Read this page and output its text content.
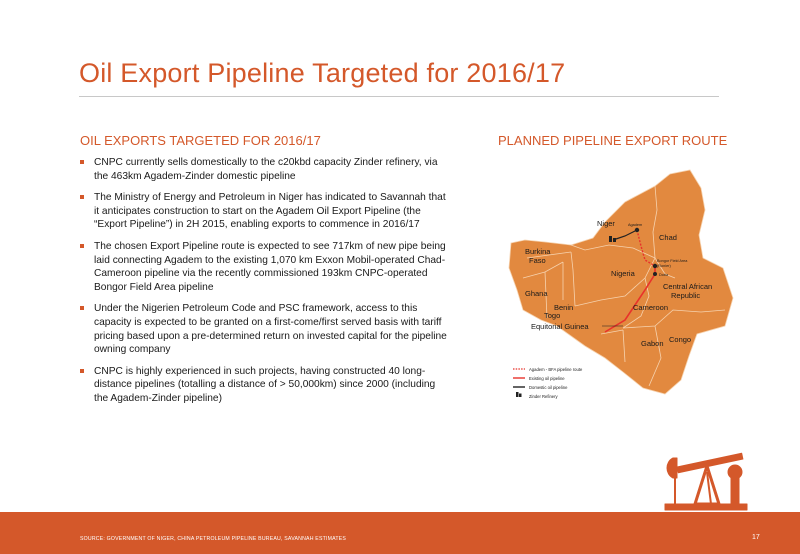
Oil Export Pipeline Targeted for 2016/17
OIL EXPORTS TARGETED FOR 2016/17	PLANNED PIPELINE EXPORT ROUTE
CNPC currently sells domestically to the c20kbd capacity Zinder refinery, via the 463km Agadem-Zinder domestic pipeline
The Ministry of Energy and Petroleum in Niger has indicated to Savannah that it anticipates construction to start on the Agadem Oil Export Pipeline (the “Export Pipeline”) in 2H 2015, enabling exports to commence in 2016/17
The chosen Export Pipeline route is expected to see 717km of new pipe being laid connecting Agadem to the existing 1,070 km Exxon Mobil-operated Chad-Cameroon pipeline via the recently commissioned 193km CNPC-operated Bongor Field Area pipeline
Under the Nigerien Petroleum Code and PSC framework, access to this capacity is expected to be granted on a first-come/first served basis with tariff pricing based upon a pre-determined return on invested capital for the pipeline owning company
CNPC is highly experienced in such projects, having constructed 40 long-distance pipelines (totalling a distance of > 50,000km) since 2000 (including the Agadem-Zinder pipeline)
Niger
Chad
Burkina
Faso
Nigeria
Ghana
Benin
Togo
Cameroon
Central African
Republic
Equitorial Guinea
Gabon Congo
Agadem
Bongor Field Area
(Ronier)
Doba
Agadem - BFA pipeline route
Existing oil pipeline
Domestic oil pipeline
Zinder Refinery
SOURCE: GOVERNMENT OF NIGER, CHINA PETROLEUM PIPELINE BUREAU, SAVANNAH ESTIMATES	17
